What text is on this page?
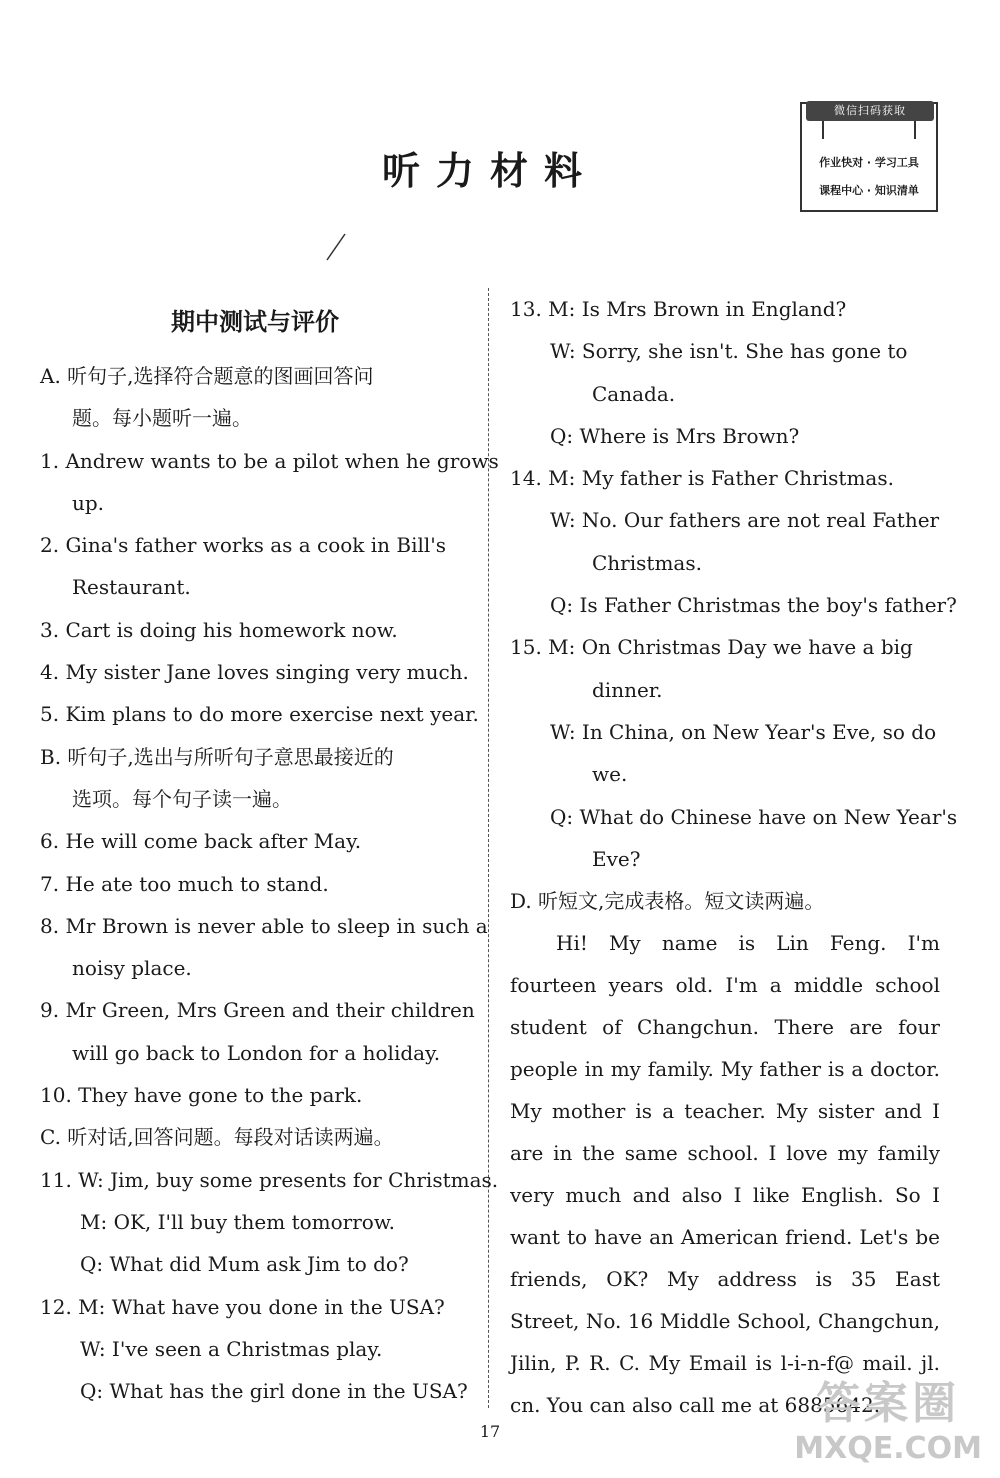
听力材料
微信扫码获取
作业快对 · 学习工具
课程中心 · 知识清单
期中测试与评价
A. 听句子,选择符合题意的图画回答问
题。每小题听一遍。
1. Andrew wants to be a pilot when he grows
up.
2. Gina's father works as a cook in Bill's
Restaurant.
3. Cart is doing his homework now.
4. My sister Jane loves singing very much.
5. Kim plans to do more exercise next year.
B. 听句子,选出与所听句子意思最接近的
选项。每个句子读一遍。
6. He will come back after May.
7. He ate too much to stand.
8. Mr Brown is never able to sleep in such a
noisy place.
9. Mr Green, Mrs Green and their children
will go back to London for a holiday.
10. They have gone to the park.
C. 听对话,回答问题。每段对话读两遍。
11. W: Jim, buy some presents for Christmas.
M: OK, I'll buy them tomorrow.
Q: What did Mum ask Jim to do?
12. M: What have you done in the USA?
W: I've seen a Christmas play.
Q: What has the girl done in the USA?
13. M: Is Mrs Brown in England?
W: Sorry, she isn't. She has gone to
Canada.
Q: Where is Mrs Brown?
14. M: My father is Father Christmas.
W: No. Our fathers are not real Father
Christmas.
Q: Is Father Christmas the boy's father?
15. M: On Christmas Day we have a big
dinner.
W: In China, on New Year's Eve, so do
we.
Q: What do Chinese have on New Year's
Eve?
D. 听短文,完成表格。短文读两遍。
Hi! My name is Lin Feng. I'm fourteen years old. I'm a middle school student of Changchun. There are four people in my family. My father is a doctor. My mother is a teacher. My sister and I are in the same school. I love my family very much and also I like English. So I want to have an American friend. Let's be friends, OK? My address is 35 East Street, No. 16 Middle School, Changchun, Jilin, P. R. C. My Email is l-i-n-f@ mail. jl. cn. You can also call me at 6885642.
17
答案圈
MXQE.COM
